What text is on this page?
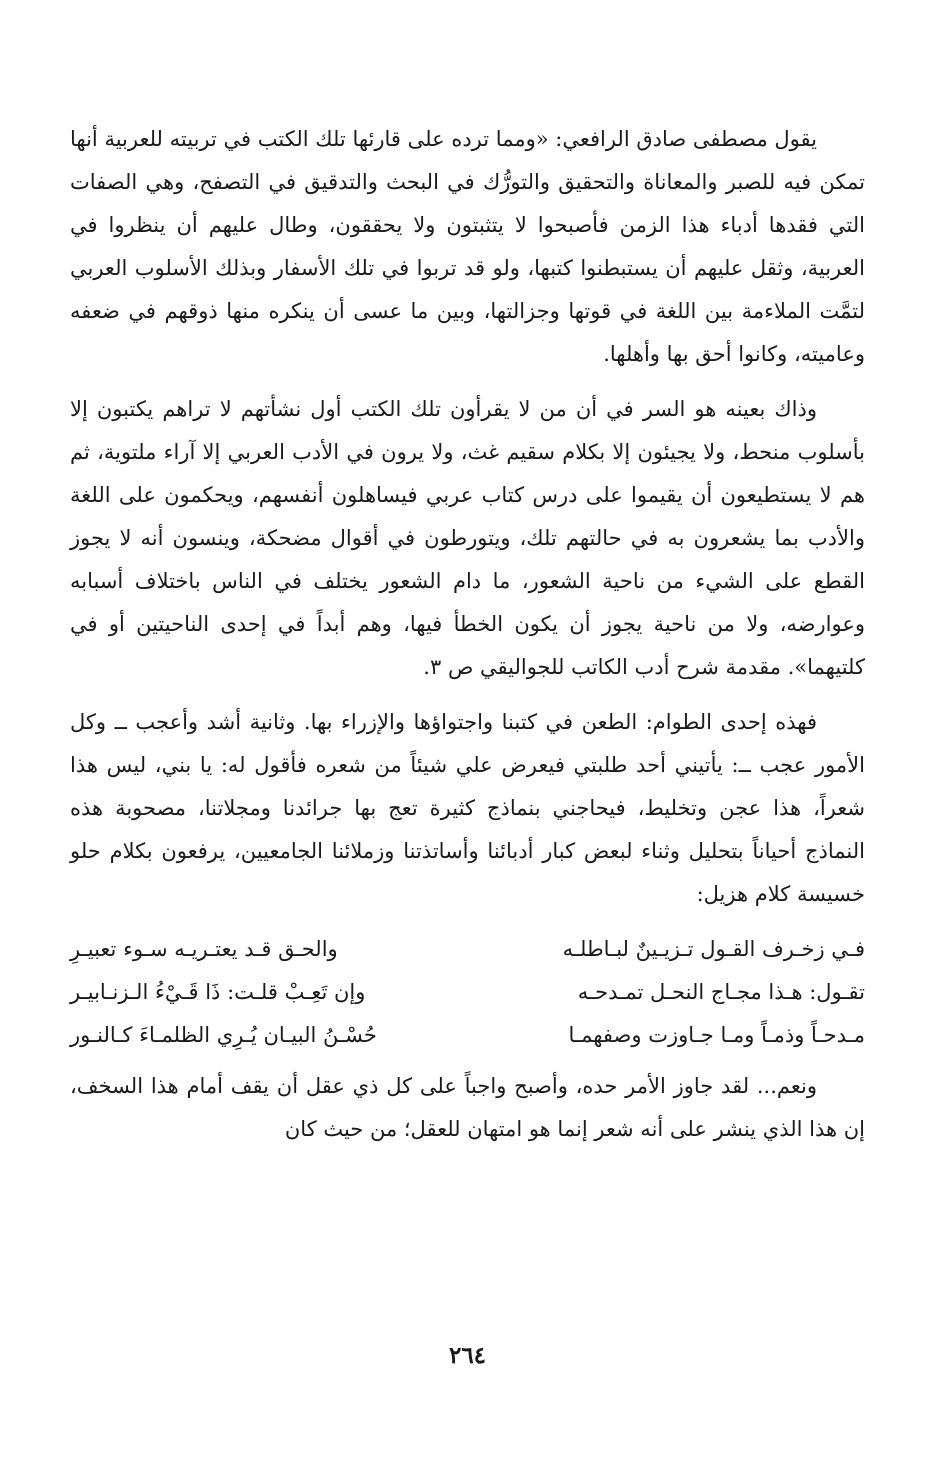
يقول مصطفى صادق الرافعي: «ومما ترده على قارئها تلك الكتب في تربيته للعربية أنها تمكن فيه للصبر والمعاناة والتحقيق والتورُّك في البحث والتدقيق في التصفح، وهي الصفات التي فقدها أدباء هذا الزمن فأصبحوا لا يتثبتون ولا يحققون، وطال عليهم أن ينظروا في العربية، وثقل عليهم أن يستبطنوا كتبها، ولو قد تربوا في تلك الأسفار وبذلك الأسلوب العربي لتمَّت الملاءمة بين اللغة في قوتها وجزالتها، وبين ما عسى أن ينكره منها ذوقهم في ضعفه وعاميته، وكانوا أحق بها وأهلها.

وذاك بعينه هو السر في أن من لا يقرأون تلك الكتب أول نشأتهم لا تراهم يكتبون إلا بأسلوب منحط، ولا يجيئون إلا بكلام سقيم غث، ولا يرون في الأدب العربي إلا آراء ملتوية، ثم هم لا يستطيعون أن يقيموا على درس كتاب عربي فيساهلون أنفسهم، ويحكمون على اللغة والأدب بما يشعرون به في حالتهم تلك، ويتورطون في أقوال مضحكة، وينسون أنه لا يجوز القطع على الشيء من ناحية الشعور، ما دام الشعور يختلف في الناس باختلاف أسبابه وعوارضه، ولا من ناحية يجوز أن يكون الخطأ فيها، وهم أبداً في إحدى الناحيتين أو في كلتيهما». مقدمة شرح أدب الكاتب للجواليقي ص ٣.

فهذه إحدى الطوام: الطعن في كتبنا واجتواؤها والإزراء بها. وثانية أشد وأعجب ــ وكل الأمور عجب ــ: يأتيني أحد طلبتي فيعرض علي شيئاً من شعره فأقول له: يا بني، ليس هذا شعراً، هذا عجن وتخليط، فيحاجني بنماذج كثيرة تعج بها جرائدنا ومجلاتنا، مصحوبة هذه النماذج أحياناً بتحليل وثناء لبعض كبار أدبائنا وأساتذتنا وزملائنا الجامعيين، يرفعون بكلام حلو خسيسة كلام هزيل:

فـي زخـرف القـول تـزيـينٌ لبـاطلـه
والحـق قـد يعتـريـه سـوء تعبيـرِ
تقـول: هـذا مجـاج النحـل تمـدحـه
وإن تَعِـبْ قلـت: ذَا قَـيْءُ الـزنـابيـر
مـدحـاً وذمـاً ومـا جـاوزت وصفهمـا
حُسْـنُ البيـان يُـرِي الظلمـاءَ كـالنـور

ونعم... لقد جاوز الأمر حده، وأصبح واجباً على كل ذي عقل أن يقف أمام هذا السخف، إن هذا الذي ينشر على أنه شعر إنما هو امتهان للعقل؛ من حيث كان

٢٦٤
